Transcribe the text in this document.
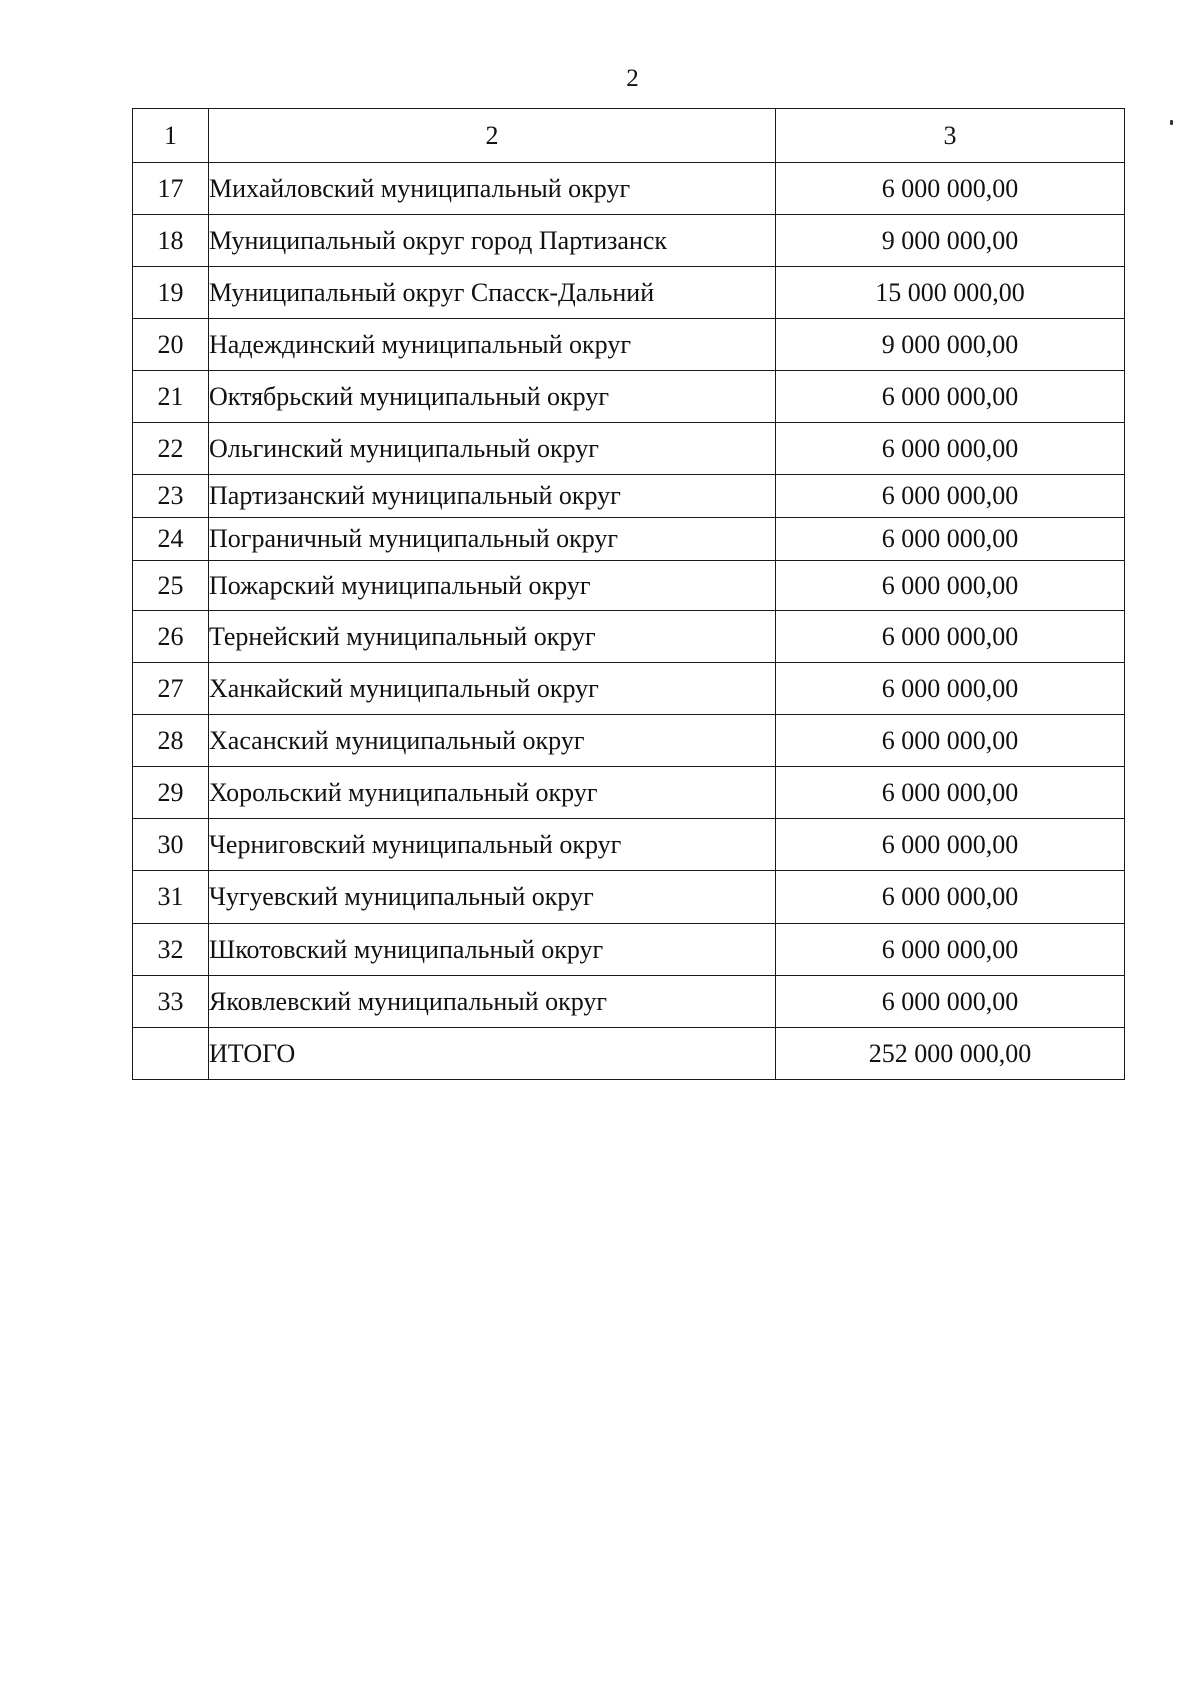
2
1	2	3
17	Михайловский муниципальный округ	6 000 000,00
18	Муниципальный округ город Партизанск	9 000 000,00
19	Муниципальный округ Спасск-Дальний	15 000 000,00
20	Надеждинский муниципальный округ	9 000 000,00
21	Октябрьский муниципальный округ	6 000 000,00
22	Ольгинский муниципальный округ	6 000 000,00
23	Партизанский муниципальный округ	6 000 000,00
24	Пограничный муниципальный округ	6 000 000,00
25	Пожарский муниципальный округ	6 000 000,00
26	Тернейский муниципальный округ	6 000 000,00
27	Ханкайский муниципальный округ	6 000 000,00
28	Хасанский муниципальный округ	6 000 000,00
29	Хорольский муниципальный округ	6 000 000,00
30	Черниговский муниципальный округ	6 000 000,00
31	Чугуевский муниципальный округ	6 000 000,00
32	Шкотовский муниципальный округ	6 000 000,00
33	Яковлевский муниципальный округ	6 000 000,00
	ИТОГО	252 000 000,00
